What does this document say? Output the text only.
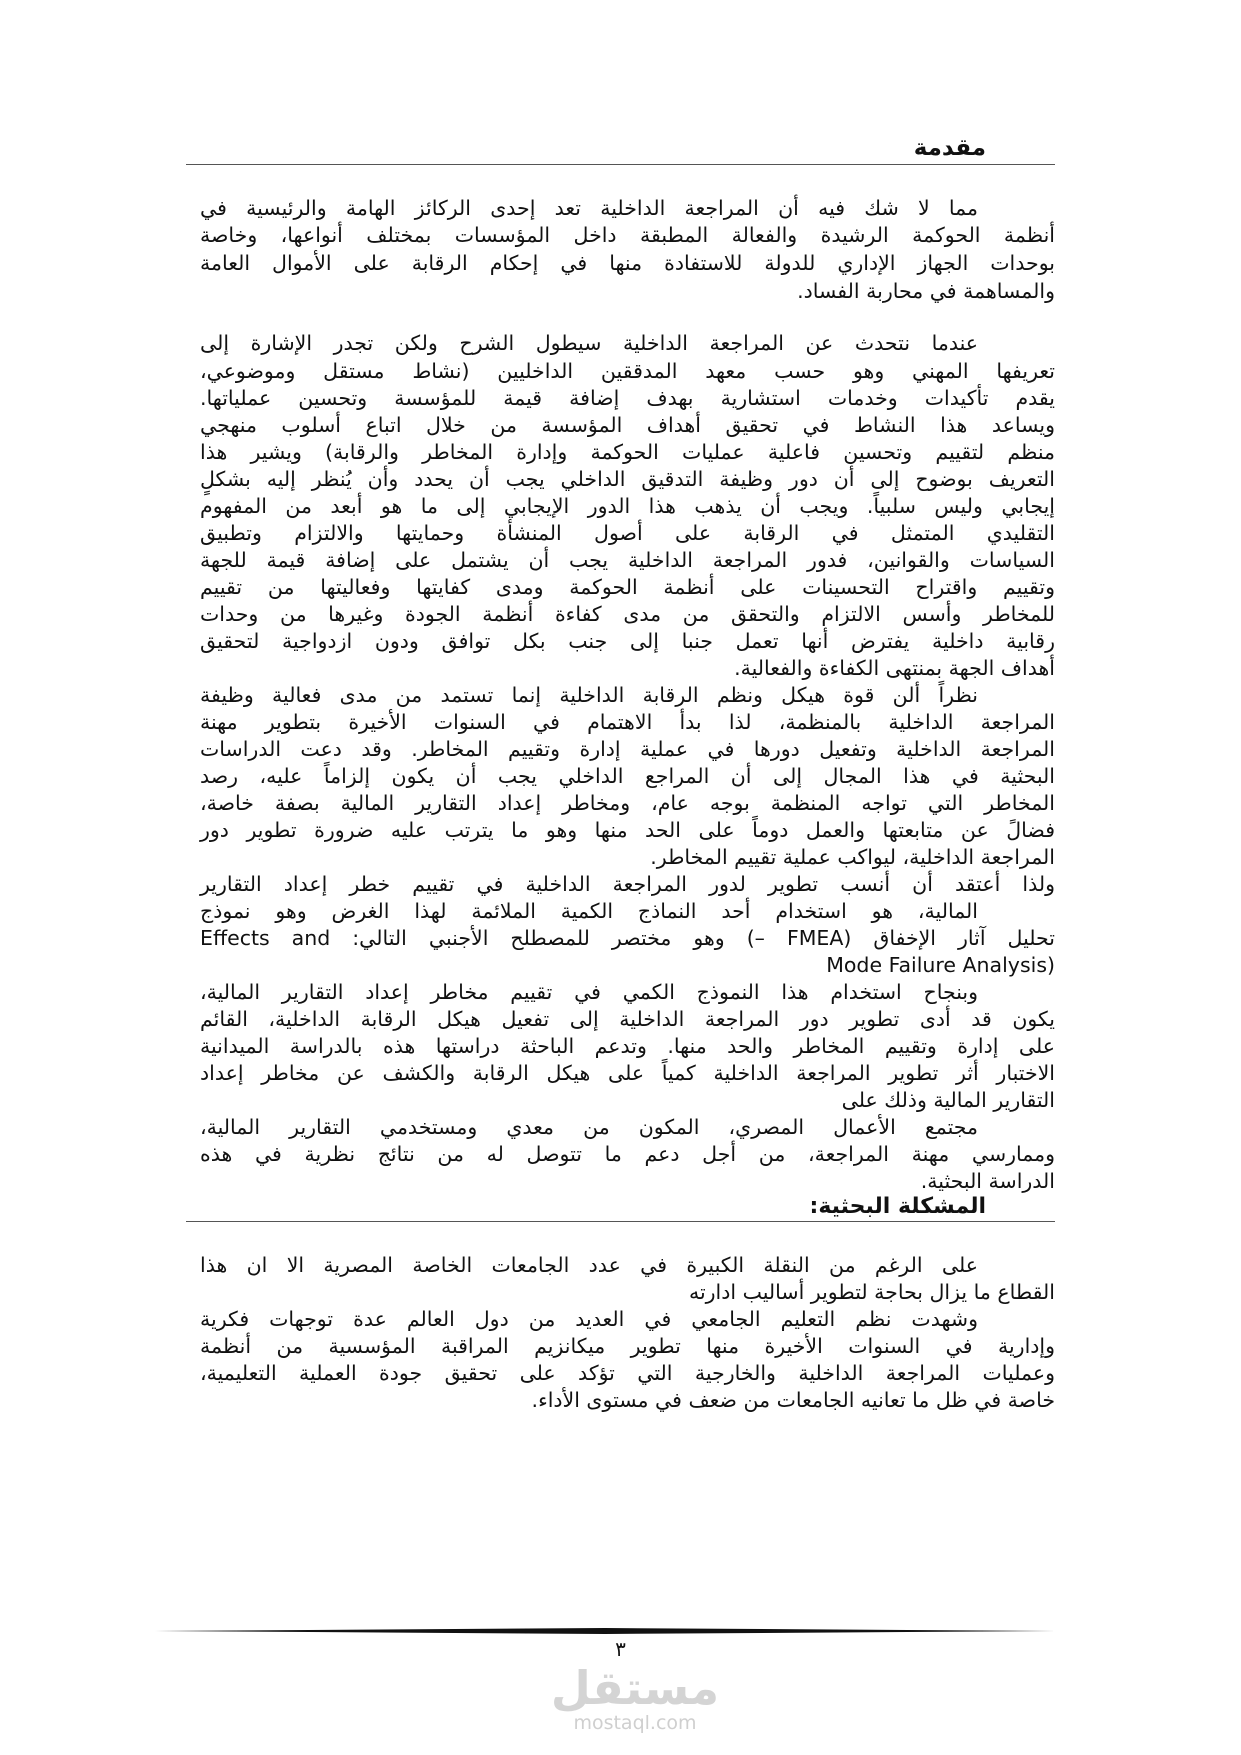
مقدمة
مما لا شك فيه أن المراجعة الداخلية تعد إحدى الركائز الهامة والرئيسية في
أنظمة الحوكمة الرشيدة والفعالة المطبقة داخل المؤسسات بمختلف أنواعها، وخاصة
بوحدات الجهاز الإداري للدولة للاستفادة منها في إحكام الرقابة على الأموال العامة
والمساهمة في محاربة الفساد.
عندما نتحدث عن المراجعة الداخلية سيطول الشرح ولكن تجدر الإشارة إلى
تعريفها المهني وهو حسب معهد المدققين الداخليين (نشاط مستقل وموضوعي،
يقدم تأكيدات وخدمات استشارية بهدف إضافة قيمة للمؤسسة وتحسين عملياتها.
ويساعد هذا النشاط في تحقيق أهداف المؤسسة من خلال اتباع أسلوب منهجي
منظم لتقييم وتحسين فاعلية عمليات الحوكمة وإدارة المخاطر والرقابة) ويشير هذا
التعريف بوضوح إلى أن دور وظيفة التدقيق الداخلي يجب أن يحدد وأن يُنظر إليه بشكلٍ
إيجابي وليس سلبياً. ويجب أن يذهب هذا الدور الإيجابي إلى ما هو أبعد من المفهوم
التقليدي المتمثل في الرقابة على أصول المنشأة وحمايتها والالتزام وتطبيق
السياسات والقوانين، فدور المراجعة الداخلية يجب أن يشتمل على إضافة قيمة للجهة
وتقييم واقتراح التحسينات على أنظمة الحوكمة ومدى كفايتها وفعاليتها من تقييم
للمخاطر وأسس الالتزام والتحقق من مدى كفاءة أنظمة الجودة وغيرها من وحدات
رقابية داخلية يفترض أنها تعمل جنبا إلى جنب بكل توافق ودون ازدواجية لتحقيق
أهداف الجهة بمنتهى الكفاءة والفعالية.
نظراً ألن قوة هيكل ونظم الرقابة الداخلية إنما تستمد من مدى فعالية وظيفة
المراجعة الداخلية بالمنظمة، لذا بدأ الاهتمام في السنوات الأخيرة بتطوير مهنة
المراجعة الداخلية وتفعيل دورها في عملية إدارة وتقييم المخاطر. وقد دعت الدراسات
البحثية في هذا المجال إلى أن المراجع الداخلي يجب أن يكون إلزاماً عليه، رصد
المخاطر التي تواجه المنظمة بوجه عام، ومخاطر إعداد التقارير المالية بصفة خاصة،
فضالً عن متابعتها والعمل دوماً على الحد منها وهو ما يترتب عليه ضرورة تطوير دور
المراجعة الداخلية، ليواكب عملية تقييم المخاطر.
ولذا أعتقد أن أنسب تطوير لدور المراجعة الداخلية في تقييم خطر إعداد التقارير
المالية، هو استخدام أحد النماذج الكمية الملائمة لهذا الغرض وهو نموذج
تحليل آثار الإخفاق (FMEA –) وهو مختصر للمصطلح الأجنبي التالي: Effects and
Mode Failure Analysis)
وبنجاح استخدام هذا النموذج الكمي في تقييم مخاطر إعداد التقارير المالية،
يكون قد أدى تطوير دور المراجعة الداخلية إلى تفعيل هيكل الرقابة الداخلية، القائم
على إدارة وتقييم المخاطر والحد منها. وتدعم الباحثة دراستها هذه بالدراسة الميدانية
الاختبار أثر تطوير المراجعة الداخلية كمياً على هيكل الرقابة والكشف عن مخاطر إعداد
التقارير المالية وذلك على
مجتمع الأعمال المصري، المكون من معدي ومستخدمي التقارير المالية،
وممارسي مهنة المراجعة، من أجل دعم ما تتوصل له من نتائج نظرية في هذه
الدراسة البحثية.
المشكلة البحثية:
على الرغم من النقلة الكبيرة في عدد الجامعات الخاصة المصرية الا ان هذا
القطاع ما يزال بحاجة لتطوير أساليب ادارته
وشهدت نظم التعليم الجامعي في العديد من دول العالم عدة توجهات فكرية
وإدارية في السنوات الأخيرة منها تطوير ميكانزيم المراقبة المؤسسية من أنظمة
وعمليات المراجعة الداخلية والخارجية التي تؤكد على تحقيق جودة العملية التعليمية،
خاصة في ظل ما تعانيه الجامعات من ضعف في مستوى الأداء.
٣
مستقل
mostaql.com
